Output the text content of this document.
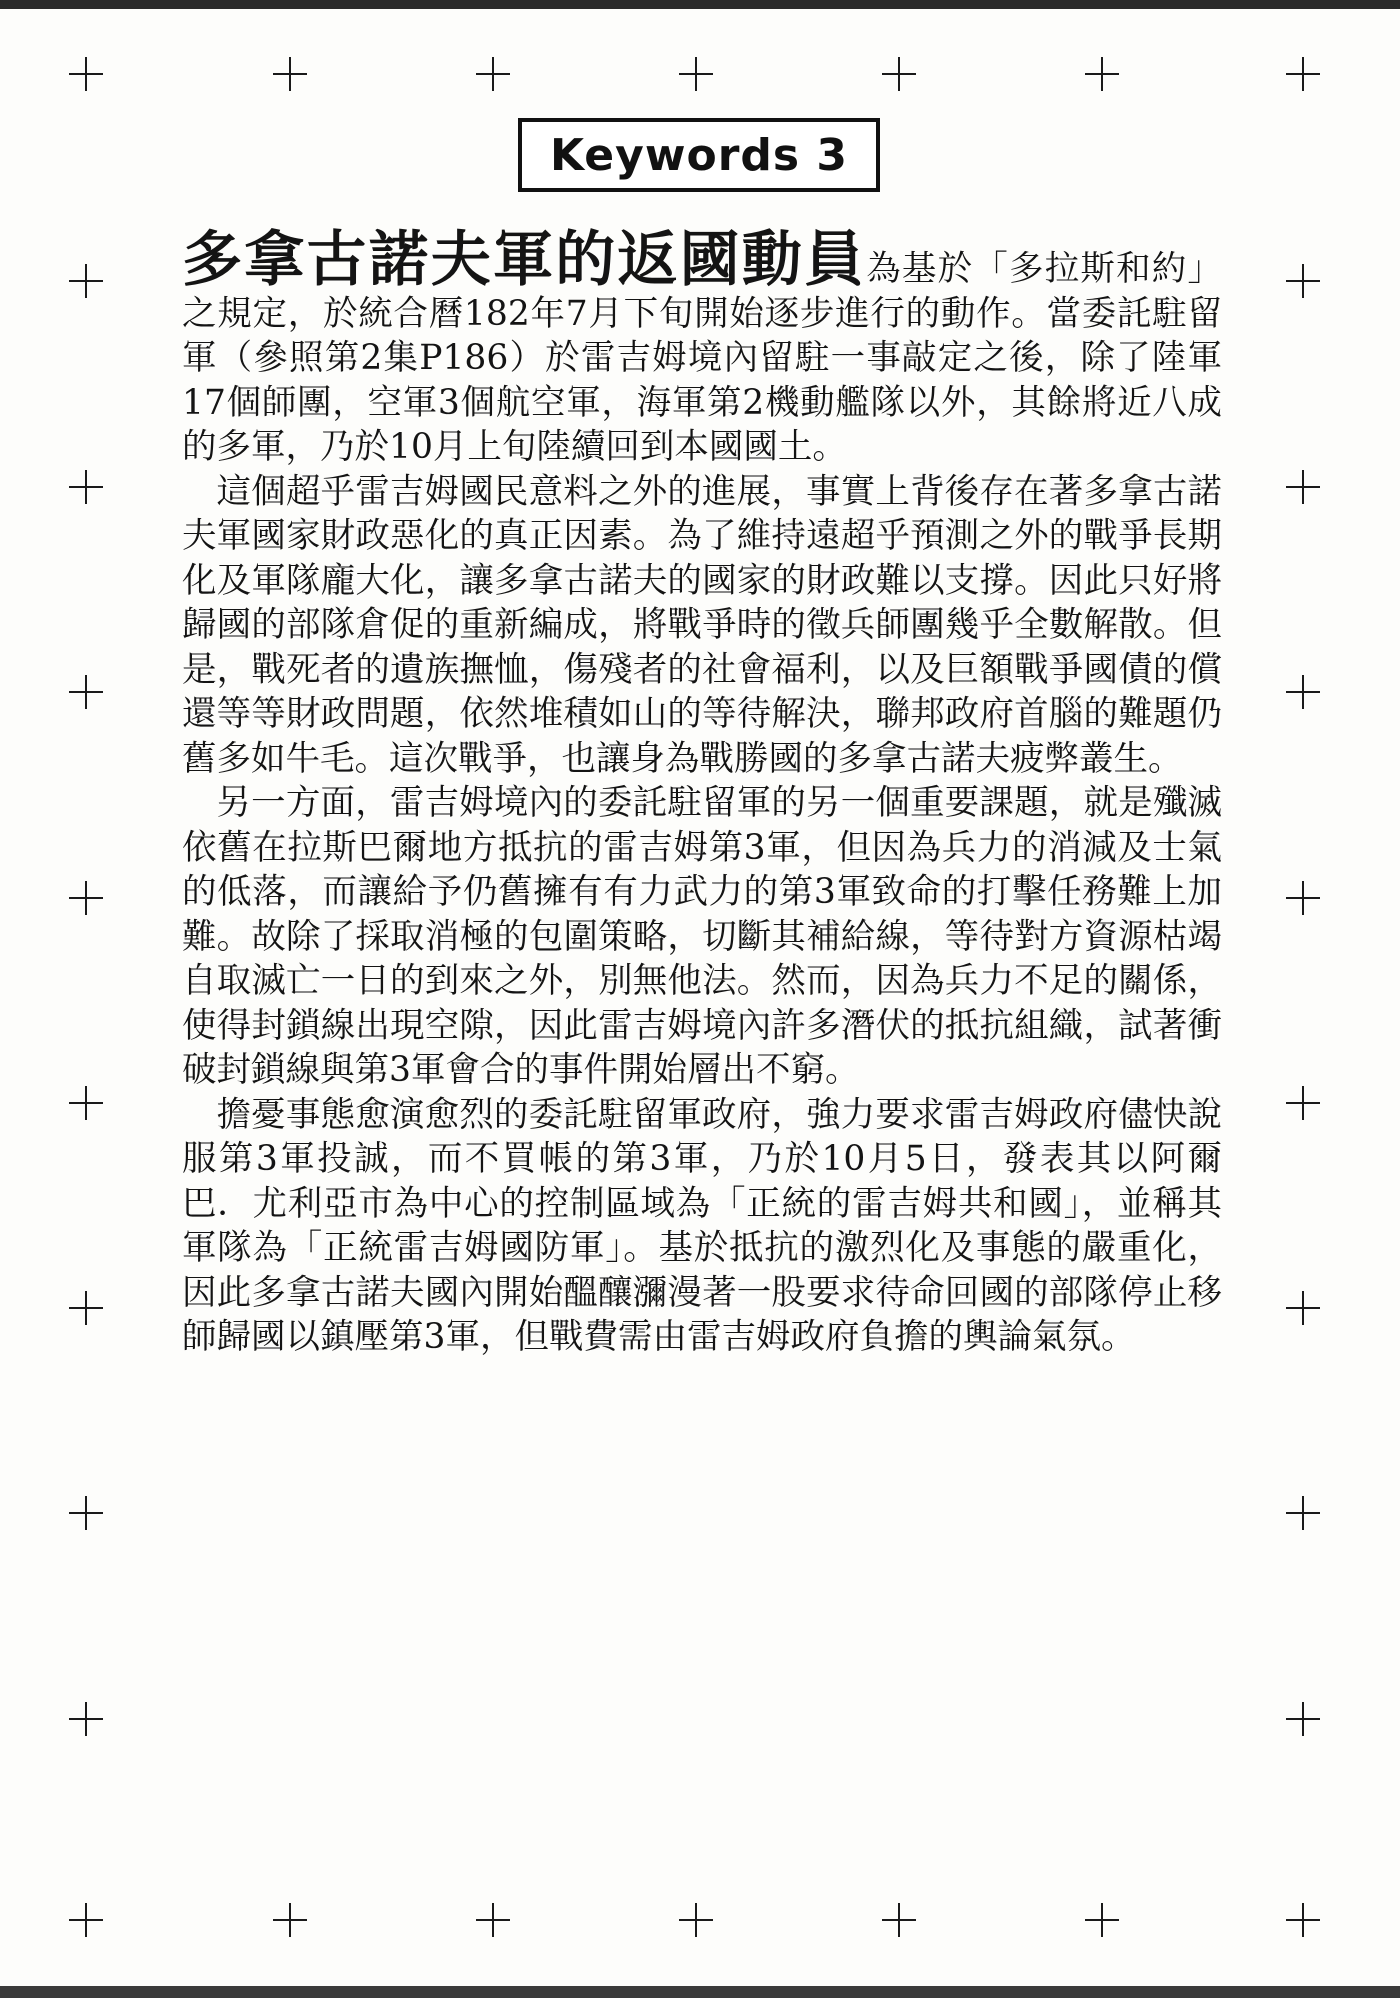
Keywords 3

多拿古諾夫軍的返國動員為基於「多拉斯和約」之規定，於統合曆182年7月下旬開始逐步進行的動作。當委託駐留軍（參照第2集P186）於雷吉姆境內留駐一事敲定之後，除了陸軍17個師團，空軍3個航空軍，海軍第2機動艦隊以外，其餘將近八成的多軍，乃於10月上旬陸續回到本國國土。

這個超乎雷吉姆國民意料之外的進展，事實上背後存在著多拿古諾夫軍國家財政惡化的真正因素。為了維持遠超乎預測之外的戰爭長期化及軍隊龐大化，讓多拿古諾夫的國家的財政難以支撐。因此只好將歸國的部隊倉促的重新編成，將戰爭時的徵兵師團幾乎全數解散。但是，戰死者的遺族撫恤，傷殘者的社會福利，以及巨額戰爭國債的償還等等財政問題，依然堆積如山的等待解決，聯邦政府首腦的難題仍舊多如牛毛。這次戰爭，也讓身為戰勝國的多拿古諾夫疲弊叢生。

另一方面，雷吉姆境內的委託駐留軍的另一個重要課題，就是殲滅依舊在拉斯巴爾地方抵抗的雷吉姆第3軍，但因為兵力的消減及士氣的低落，而讓給予仍舊擁有有力武力的第3軍致命的打擊任務難上加難。故除了採取消極的包圍策略，切斷其補給線，等待對方資源枯竭自取滅亡一日的到來之外，別無他法。然而，因為兵力不足的關係，使得封鎖線出現空隙，因此雷吉姆境內許多潛伏的抵抗組織，試著衝破封鎖線與第3軍會合的事件開始層出不窮。

擔憂事態愈演愈烈的委託駐留軍政府，強力要求雷吉姆政府儘快說服第3軍投誠，而不買帳的第3軍，乃於10月5日，發表其以阿爾巴．尤利亞市為中心的控制區域為「正統的雷吉姆共和國」，並稱其軍隊為「正統雷吉姆國防軍」。基於抵抗的激烈化及事態的嚴重化，因此多拿古諾夫國內開始醞釀瀰漫著一股要求待命回國的部隊停止移師歸國以鎮壓第3軍，但戰費需由雷吉姆政府負擔的輿論氣氛。
